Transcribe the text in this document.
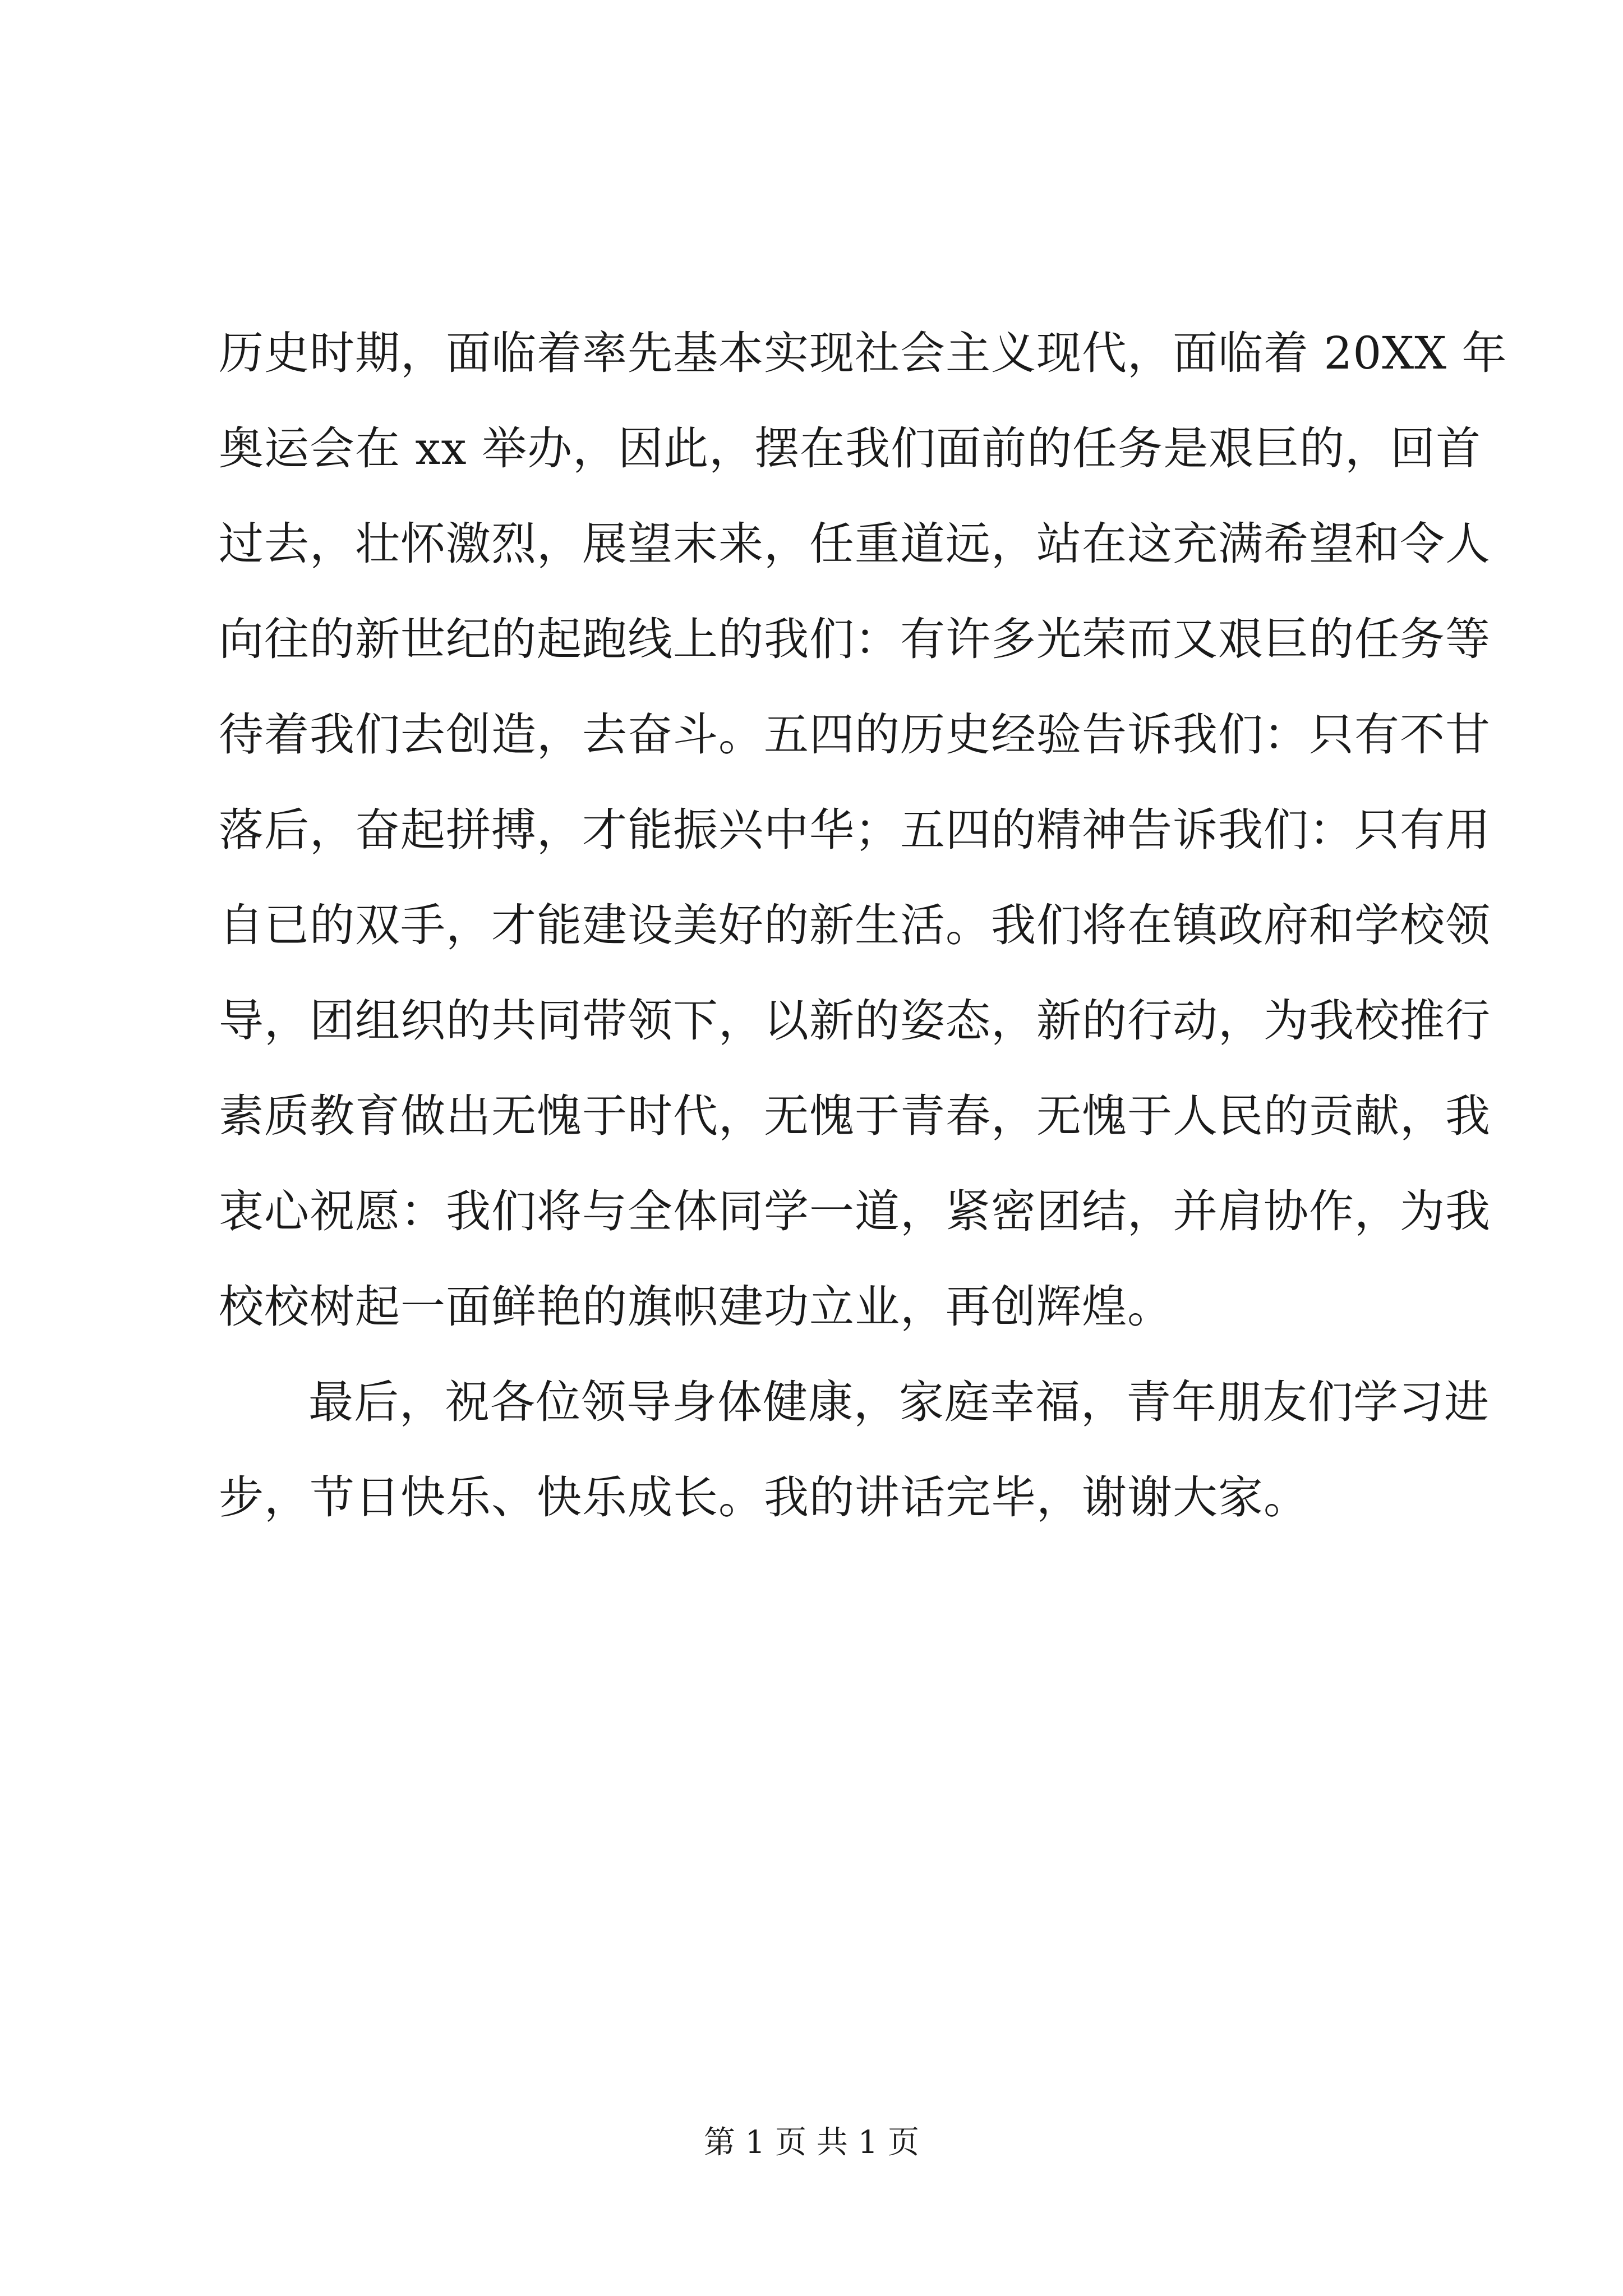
历史时期，面临着率先基本实现社会主义现代，面临着 20XX 年
奥运会在 xx 举办，因此，摆在我们面前的任务是艰巨的，回首
过去，壮怀激烈，展望末来，任重道远，站在这充满希望和令人
向往的新世纪的起跑线上的我们：有许多光荣而又艰巨的任务等
待着我们去创造，去奋斗。五四的历史经验告诉我们：只有不甘
落后，奋起拼搏，才能振兴中华；五四的精神告诉我们：只有用
自已的双手，才能建设美好的新生活。我们将在镇政府和学校领
导，团组织的共同带领下，以新的姿态，新的行动，为我校推行
素质教育做出无愧于时代，无愧于青春，无愧于人民的贡献，我
衷心祝愿：我们将与全体同学一道，紧密团结，并肩协作，为我
校校树起一面鲜艳的旗帜建功立业，再创辉煌。
最后，祝各位领导身体健康，家庭幸福，青年朋友们学习进
步，节日快乐、快乐成长。我的讲话完毕，谢谢大家。
第 1 页 共 1 页
